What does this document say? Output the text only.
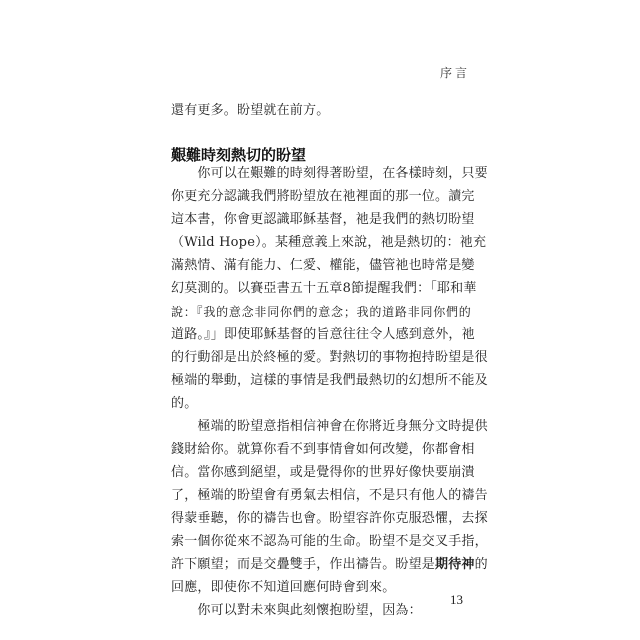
序言
還有更多。盼望就在前方。
艱難時刻熱切的盼望
　　你可以在艱難的時刻得著盼望，在各樣時刻，只要
你更充分認識我們將盼望放在祂裡面的那一位。讀完
這本書，你會更認識耶穌基督，祂是我們的熱切盼望
（Wild Hope）。某種意義上來說，祂是熱切的：祂充
滿熱情、滿有能力、仁愛、權能，儘管祂也時常是變
幻莫測的。以賽亞書五十五章8節提醒我們：「耶和華
說：『我的意念非同你們的意念；我的道路非同你們的
道路。』」即使耶穌基督的旨意往往令人感到意外，祂
的行動卻是出於終極的愛。對熱切的事物抱持盼望是很
極端的舉動，這樣的事情是我們最熱切的幻想所不能及
的。
　　極端的盼望意指相信神會在你將近身無分文時提供
錢財給你。就算你看不到事情會如何改變，你都會相
信。當你感到絕望，或是覺得你的世界好像快要崩潰
了，極端的盼望會有勇氣去相信，不是只有他人的禱告
得蒙垂聽，你的禱告也會。盼望容許你克服恐懼，去探
索一個你從來不認為可能的生命。盼望不是交叉手指，
許下願望；而是交疊雙手，作出禱告。盼望是期待神的
回應，即使你不知道回應何時會到來。
　　你可以對未來與此刻懷抱盼望，因為：
13
